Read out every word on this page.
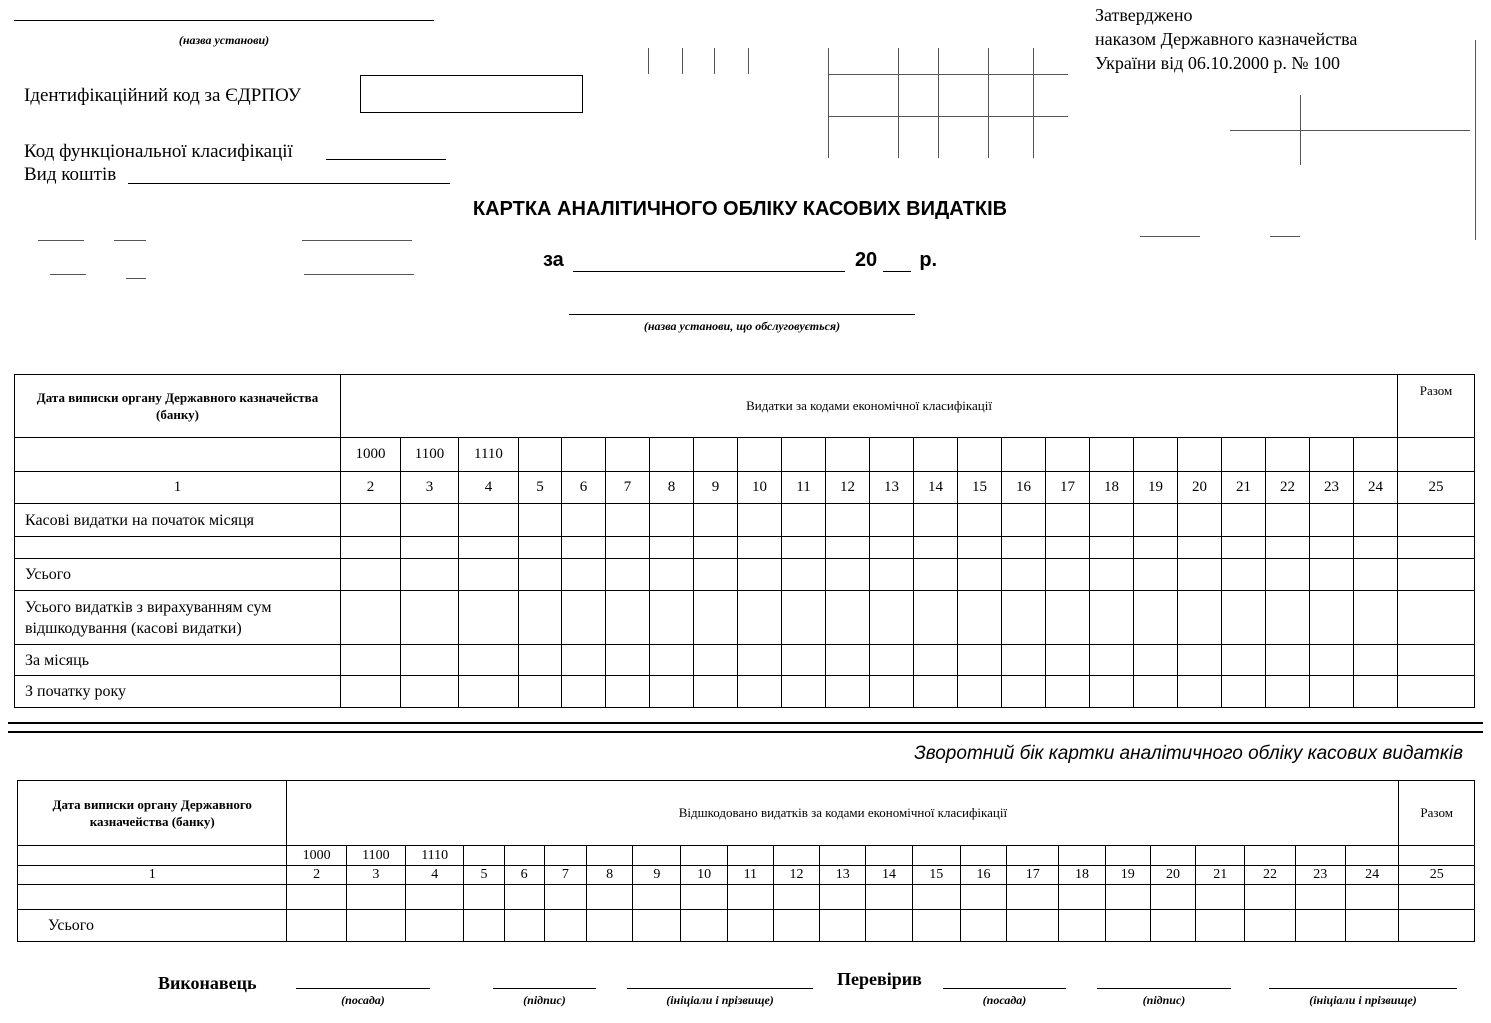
(назва установи)
Ідентифікаційний код за ЄДРПОУ
Код функціональної класифікації
Вид коштів
Затверджено
наказом Державного казначейства
України від 06.10.2000 р. № 100
КАРТКА АНАЛІТИЧНОГО ОБЛІКУ КАСОВИХ ВИДАТКІВ
за	20 р.
(назва установи, що обслуговується)
Дата виписки органу Державного казначейства (банку)	Видатки за кодами економічної класифікації																							Разом
	1000	1100	1110																					
1	2	3	4	5	6	7	8	9	10	11	12	13	14	15	16	17	18	19	20	21	22	23	24	25
Касові видатки на початок місяця																								

Усього																								
Усього видатків з вирахуванням сум відшкодування (касові видатки)																								
За місяць																								
З початку року																								
Зворотний бік картки аналітичного обліку касових видатків
Дата виписки органу Державного казначейства (банку)	Відшкодовано видатків за кодами економічної класифікації																							Разом
	1000	1100	1110																					
1	2	3	4	5	6	7	8	9	10	11	12	13	14	15	16	17	18	19	20	21	22	23	24	25

Усього																								
Виконавець
(посада)	(підпис)	(ініціали і прізвище)
Перевірив
(посада)	(підпис)	(ініціали і прізвище)
